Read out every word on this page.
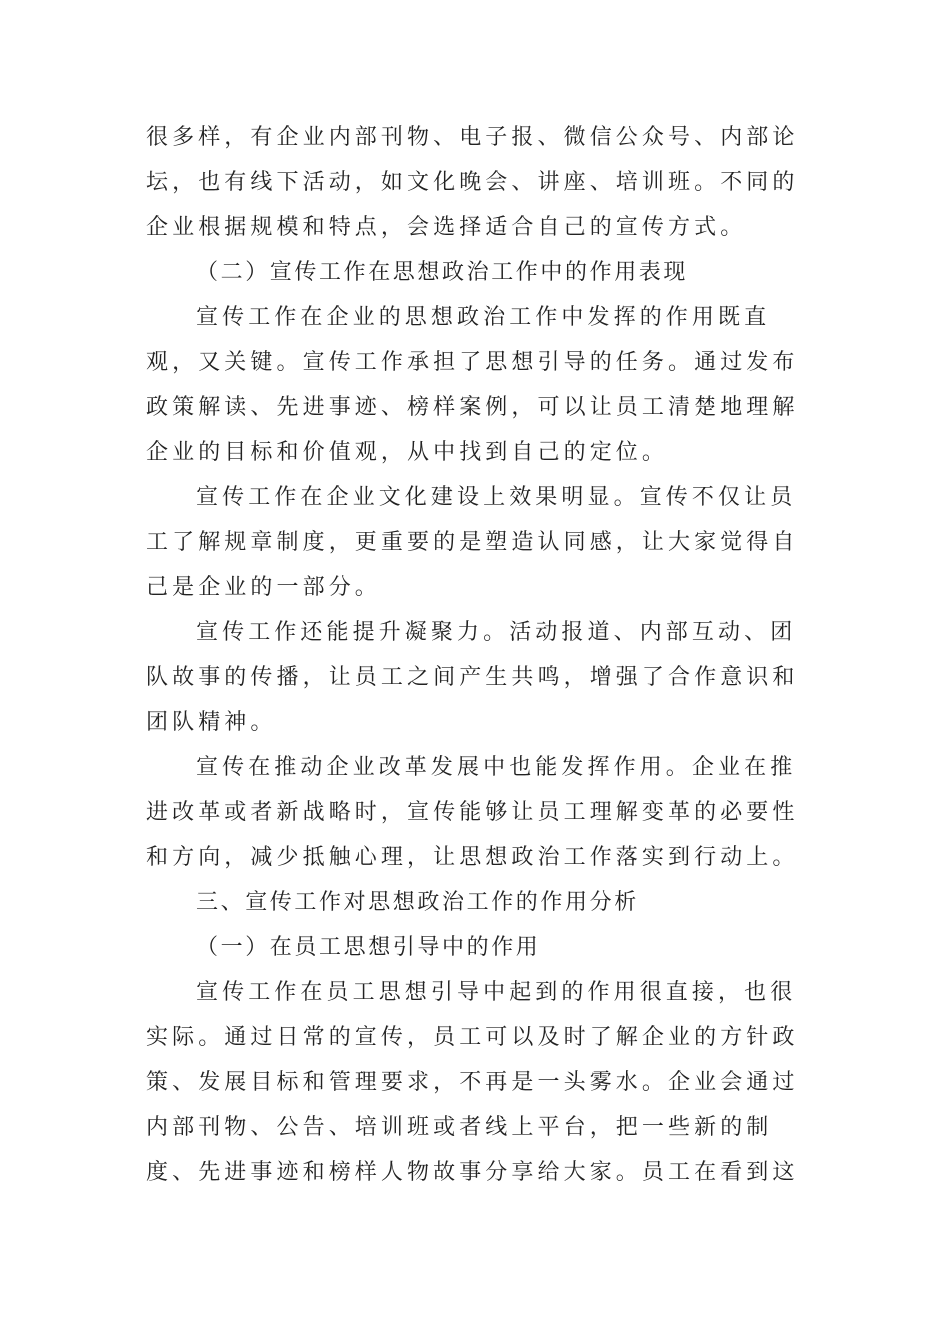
很多样，有企业内部刊物、电子报、微信公众号、内部论
坛，也有线下活动，如文化晚会、讲座、培训班。不同的
企业根据规模和特点，会选择适合自己的宣传方式。
（二）宣传工作在思想政治工作中的作用表现
宣传工作在企业的思想政治工作中发挥的作用既直
观，又关键。宣传工作承担了思想引导的任务。通过发布
政策解读、先进事迹、榜样案例，可以让员工清楚地理解
企业的目标和价值观，从中找到自己的定位。
宣传工作在企业文化建设上效果明显。宣传不仅让员
工了解规章制度，更重要的是塑造认同感，让大家觉得自
己是企业的一部分。
宣传工作还能提升凝聚力。活动报道、内部互动、团
队故事的传播，让员工之间产生共鸣，增强了合作意识和
团队精神。
宣传在推动企业改革发展中也能发挥作用。企业在推
进改革或者新战略时，宣传能够让员工理解变革的必要性
和方向，减少抵触心理，让思想政治工作落实到行动上。
三、宣传工作对思想政治工作的作用分析
（一）在员工思想引导中的作用
宣传工作在员工思想引导中起到的作用很直接，也很
实际。通过日常的宣传，员工可以及时了解企业的方针政
策、发展目标和管理要求，不再是一头雾水。企业会通过
内部刊物、公告、培训班或者线上平台，把一些新的制
度、先进事迹和榜样人物故事分享给大家。员工在看到这
